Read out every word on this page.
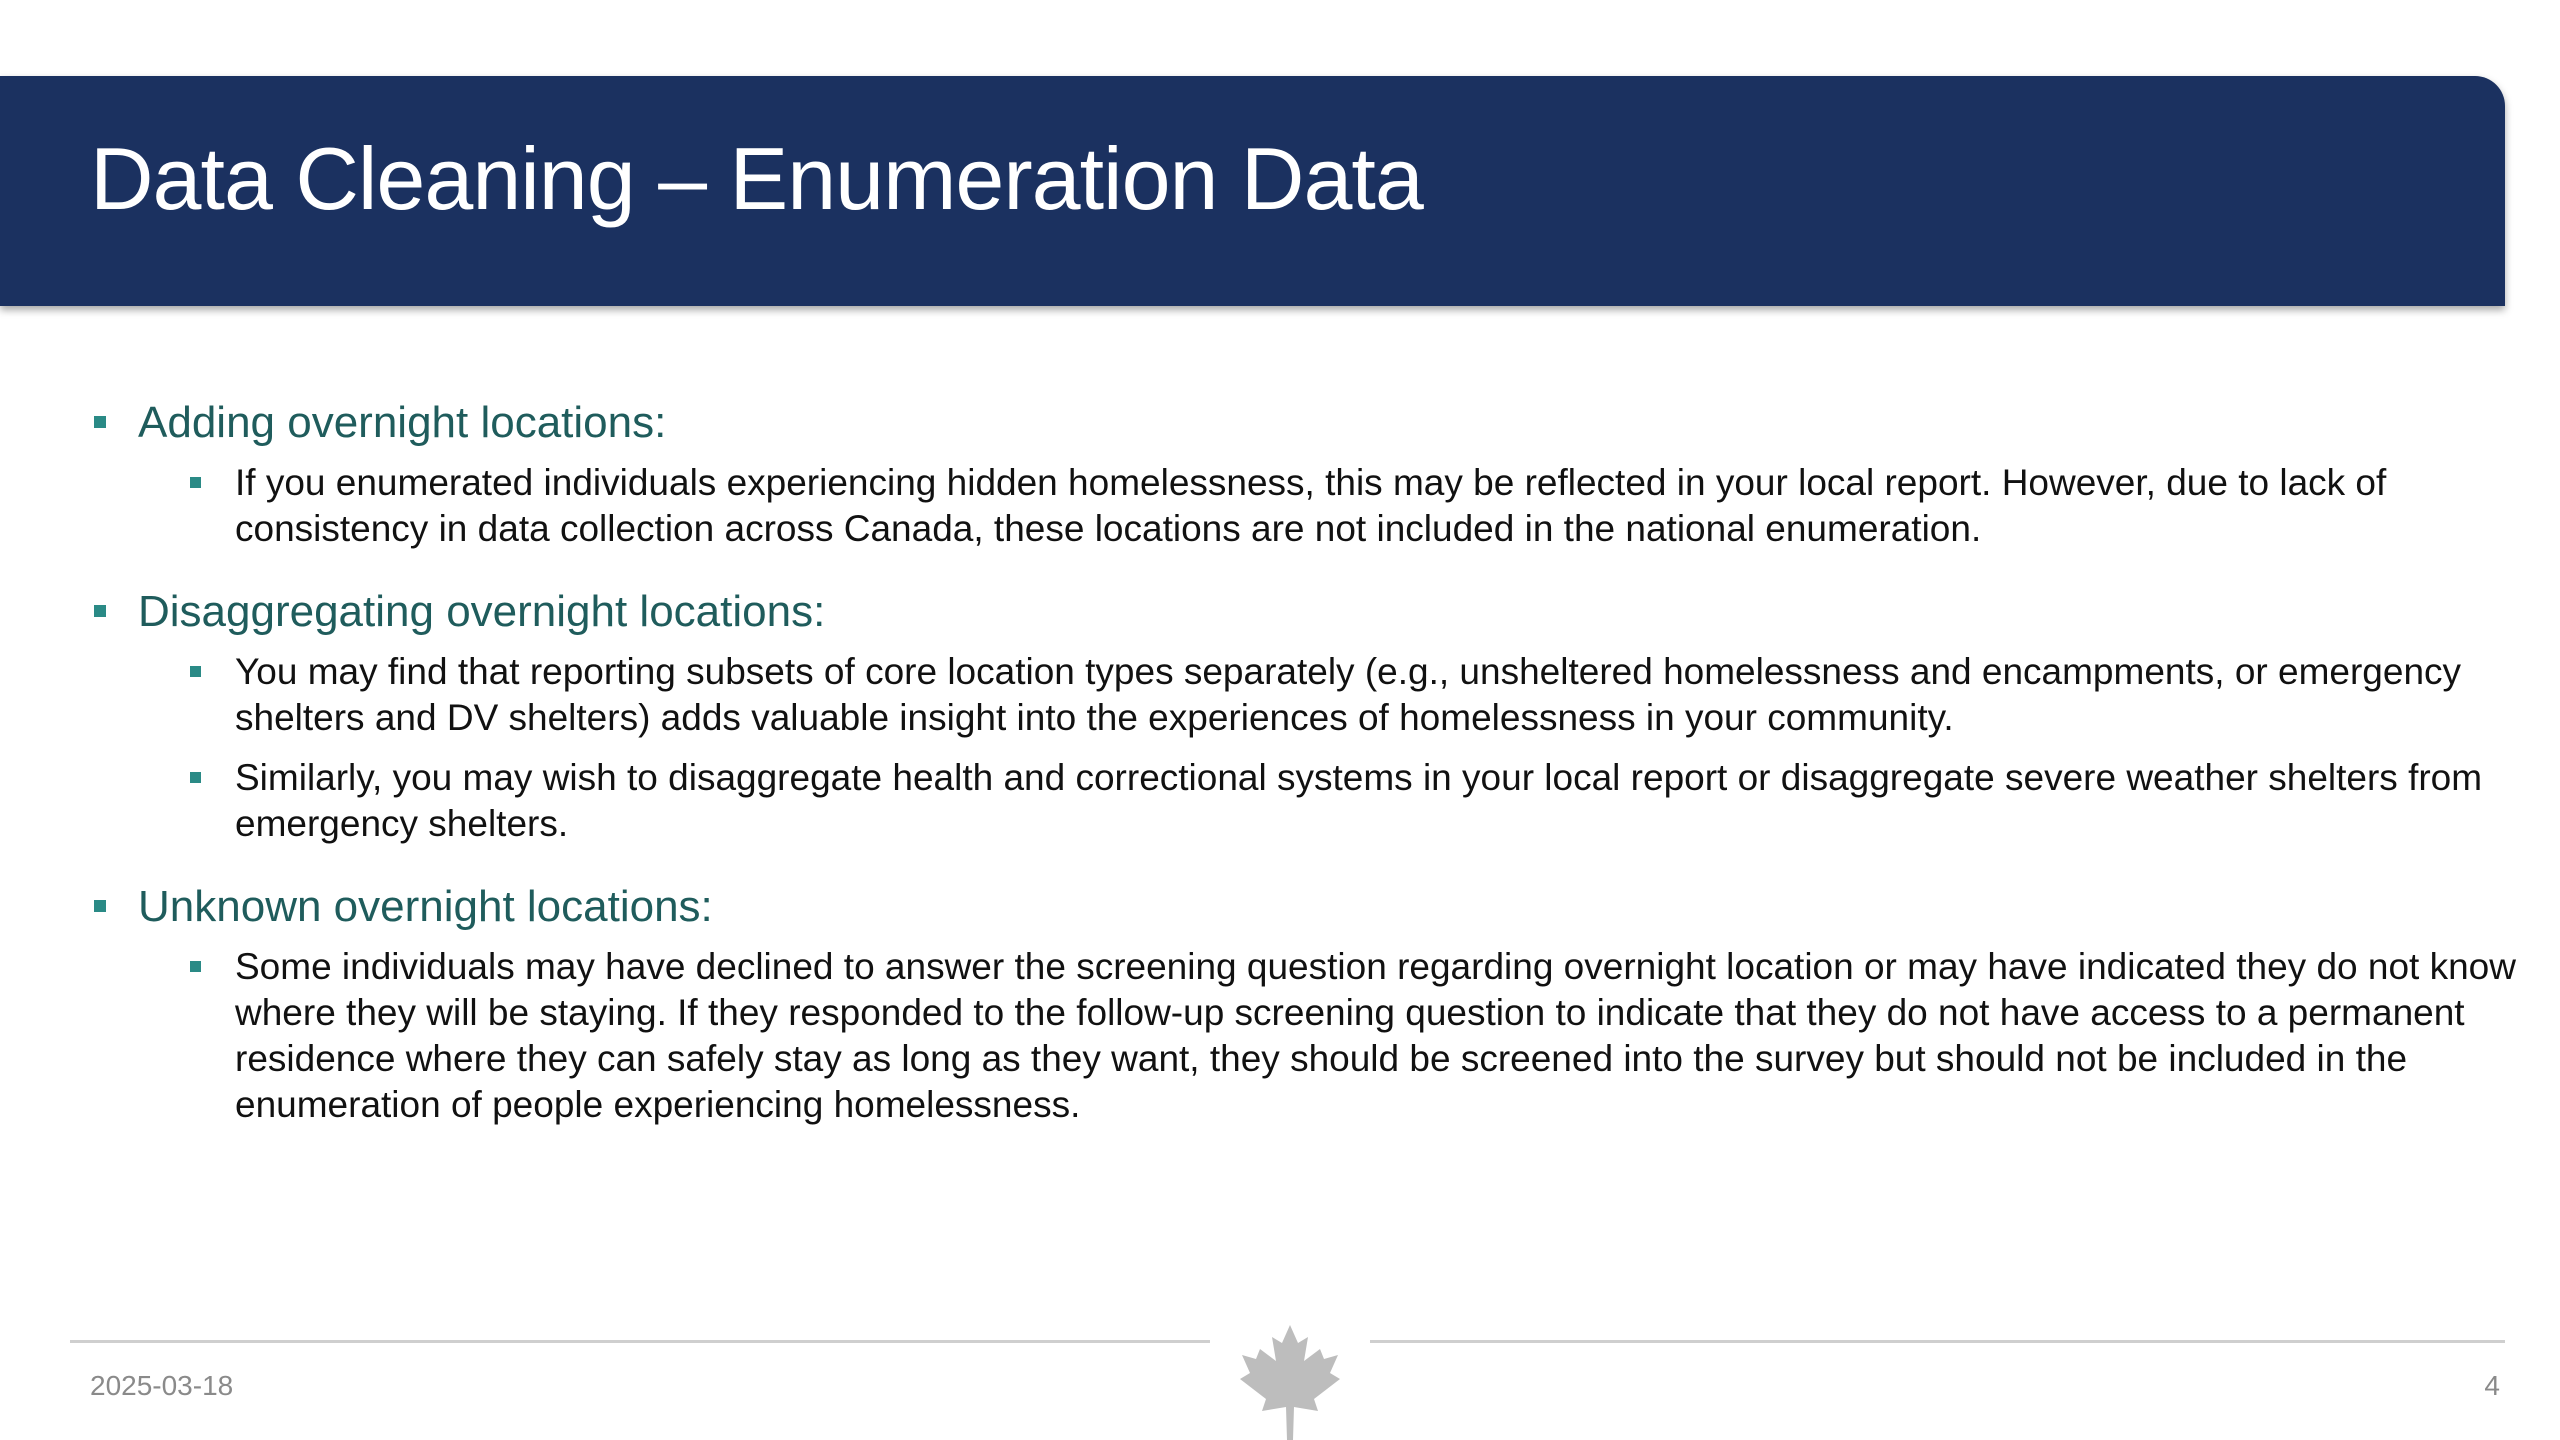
Data Cleaning – Enumeration Data
Adding overnight locations:
If you enumerated individuals experiencing hidden homelessness, this may be reflected in your local report. However, due to lack of consistency in data collection across Canada, these locations are not included in the national enumeration.
Disaggregating overnight locations:
You may find that reporting subsets of core location types separately (e.g., unsheltered homelessness and encampments, or emergency shelters and DV shelters) adds valuable insight into the experiences of homelessness in your community.
Similarly, you may wish to disaggregate health and correctional systems in your local report or disaggregate severe weather shelters from emergency shelters.
Unknown overnight locations:
Some individuals may have declined to answer the screening question regarding overnight location or may have indicated they do not know where they will be staying. If they responded to the follow-up screening question to indicate that they do not have access to a permanent residence where they can safely stay as long as they want, they should be screened into the survey but should not be included in the enumeration of people experiencing homelessness.
2025-03-18	4
